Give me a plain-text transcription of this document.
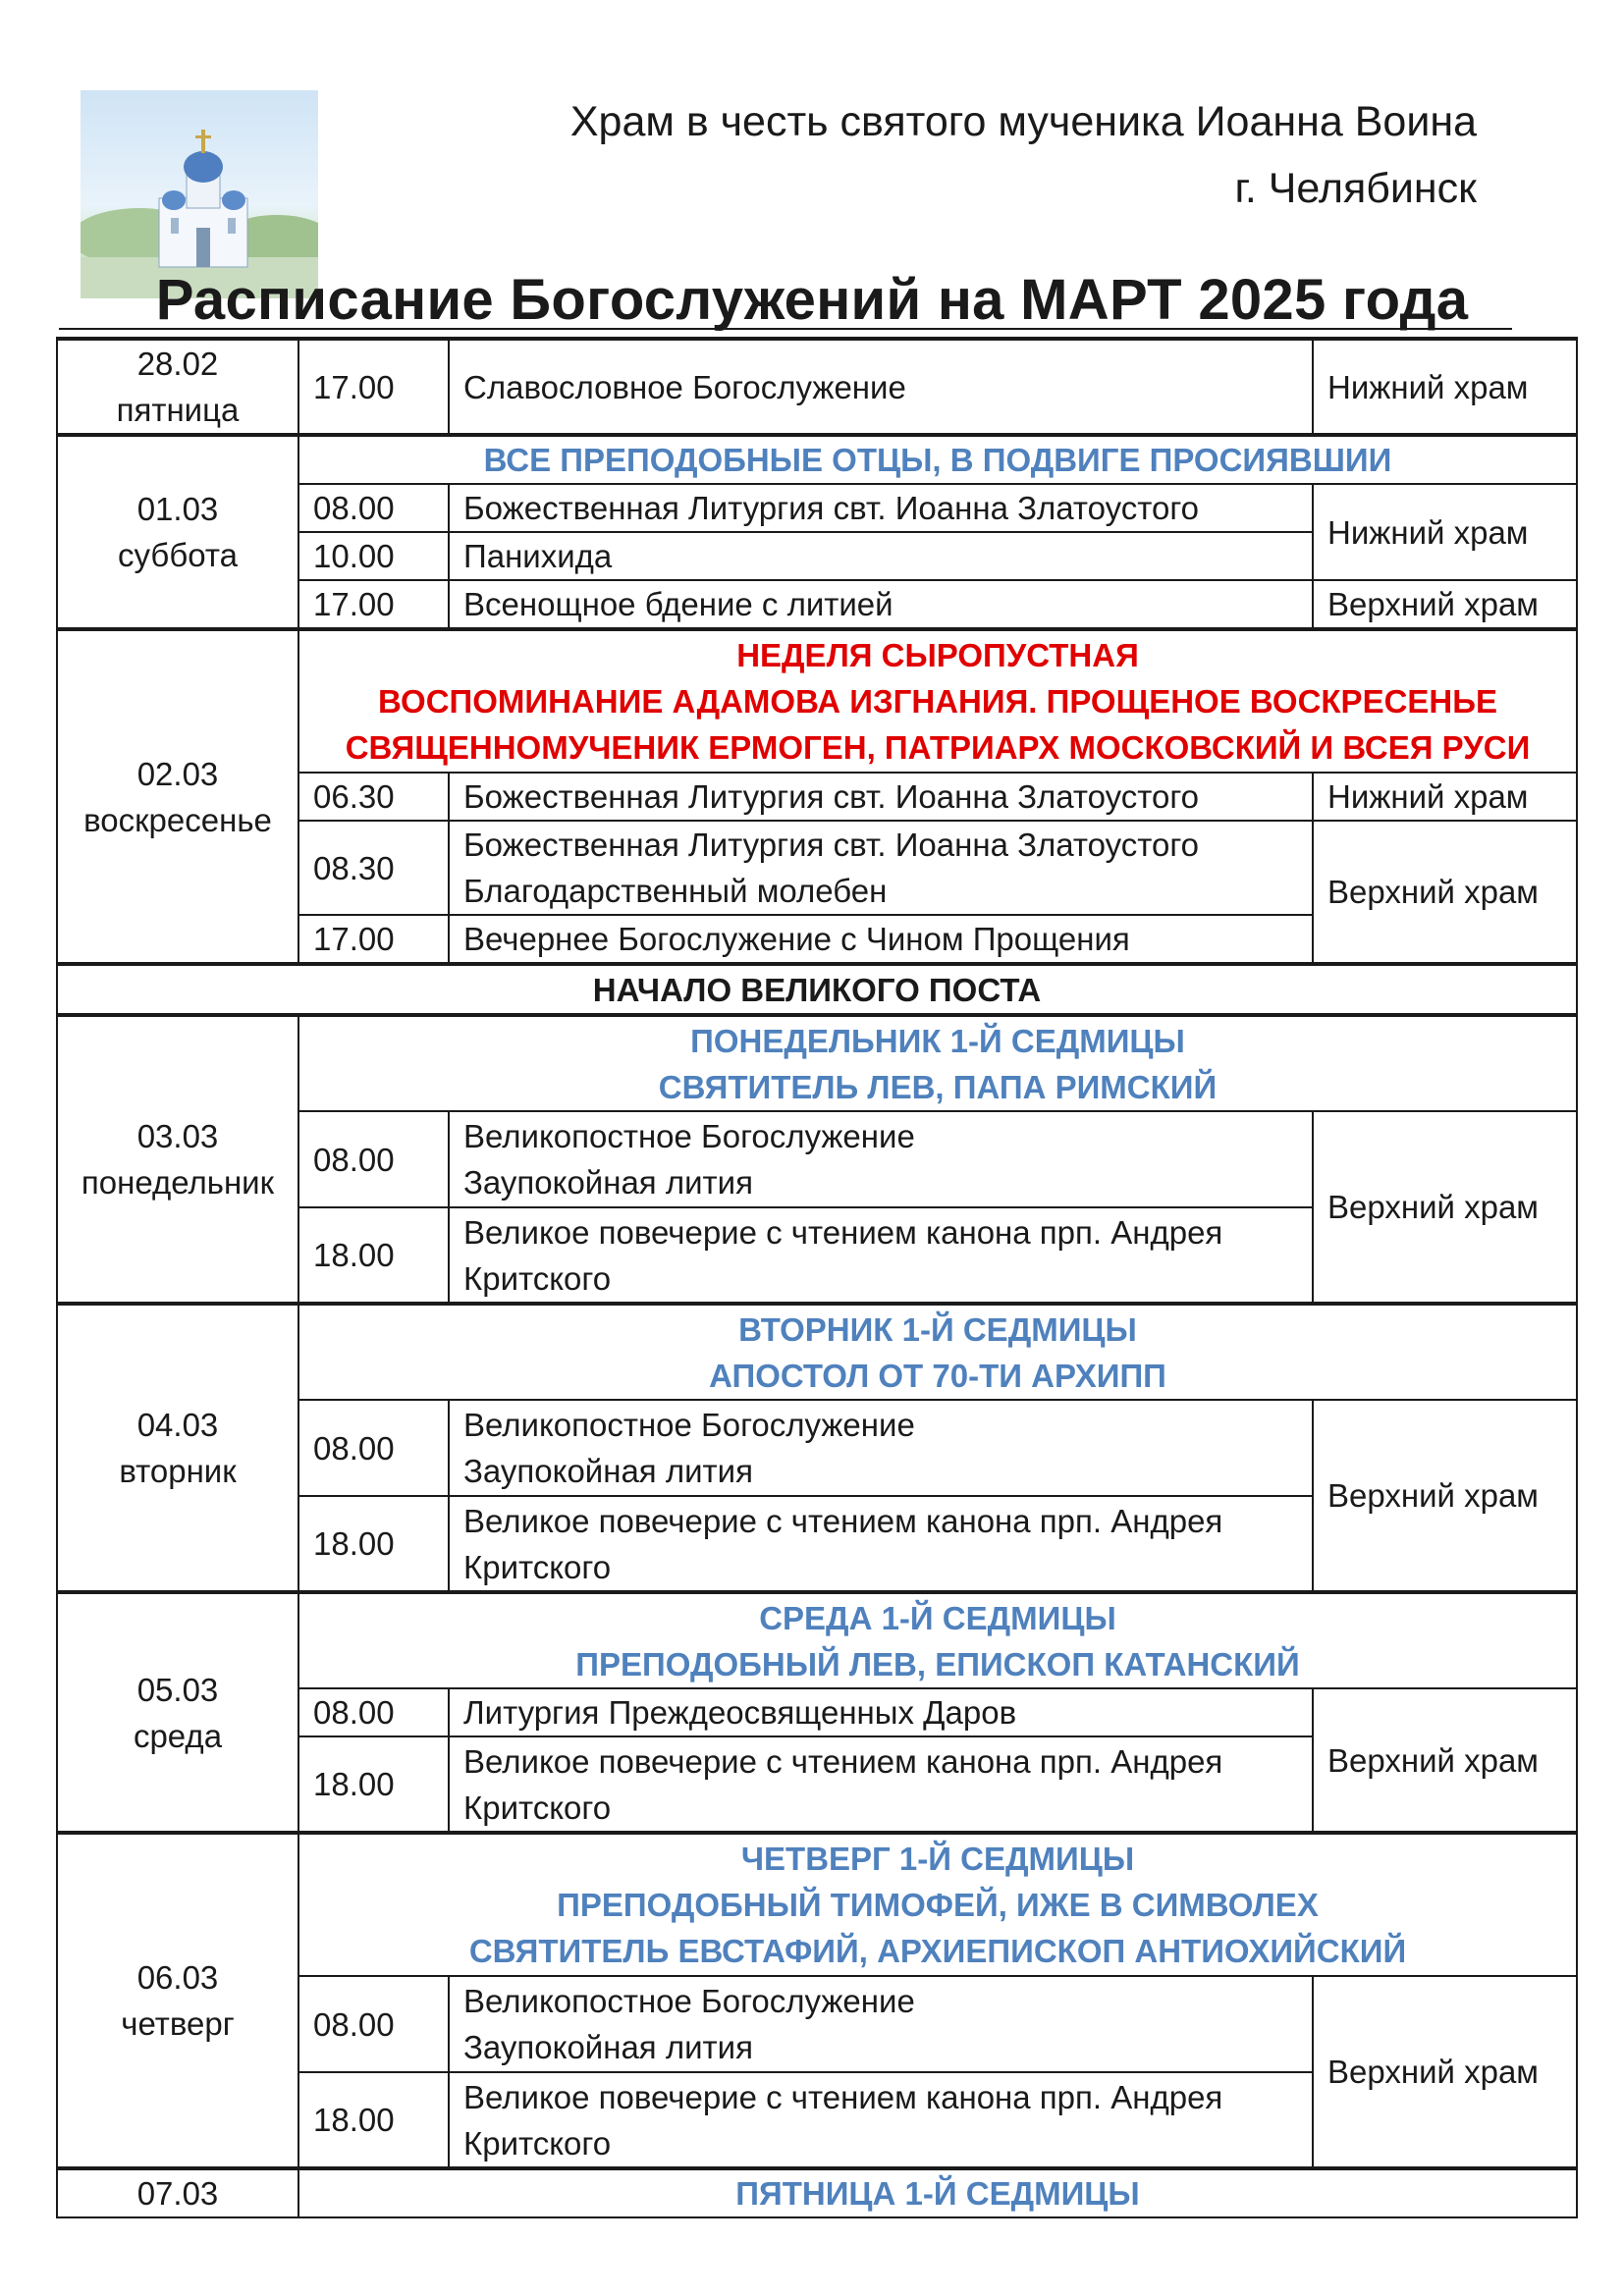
Храм в честь святого мученика Иоанна Воина
г. Челябинск
Расписание Богослужений на МАРТ 2025 года
28.02
пятница	17.00	Славословное Богослужение	Нижний храм

01.03
суббота	ВСЕ ПРЕПОДОБНЫЕ ОТЦЫ, В ПОДВИГЕ ПРОСИЯВШИИ		
	08.00	Божественная Литургия свт. Иоанна Златоустого	Нижний храм
	10.00	Панихида	
	17.00	Всенощное бдение с литией	Верхний храм

02.03
воскресенье	НЕДЕЛЯ СЫРОПУСТНАЯ
ВОСПОМИНАНИЕ АДАМОВА ИЗГНАНИЯ. ПРОЩЕНОЕ ВОСКРЕСЕНЬЕ
СВЯЩЕННОМУЧЕНИК ЕРМОГЕН, ПАТРИАРХ МОСКОВСКИЙ И ВСЕЯ РУСИ		

	06.30	Божественная Литургия свт. Иоанна Златоустого	Нижний храм
	08.30	Божественная Литургия свт. Иоанна Златоустого
Благодарственный молебен	Верхний храм
	17.00	Вечернее Богослужение с Чином Прощения	
НАЧАЛО ВЕЛИКОГО ПОСТА			

03.03
понедельник	ПОНЕДЕЛЬНИК 1-Й СЕДМИЦЫ
СВЯТИТЕЛЬ ЛЕВ, ПАПА РИМСКИЙ		

	08.00	Великопостное Богослужение
Заупокойная лития	Верхний храм
	18.00	Великое повечерие с чтением канона прп. Андрея
Критского	

04.03
вторник	ВТОРНИК 1-Й СЕДМИЦЫ
АПОСТОЛ ОТ 70-ТИ АРХИПП		

	08.00	Великопостное Богослужение
Заупокойная лития	Верхний храм
	18.00	Великое повечерие с чтением канона прп. Андрея
Критского	

05.03
среда	СРЕДА 1-Й СЕДМИЦЫ
ПРЕПОДОБНЫЙ ЛЕВ, ЕПИСКОП КАТАНСКИЙ		

	08.00	Литургия Преждеосвященных Даров	Верхний храм
	18.00	Великое повечерие с чтением канона прп. Андрея
Критского	

06.03
четверг	ЧЕТВЕРГ 1-Й СЕДМИЦЫ
ПРЕПОДОБНЫЙ ТИМОФЕЙ, ИЖЕ В СИМВОЛЕХ
СВЯТИТЕЛЬ ЕВСТАФИЙ, АРХИЕПИСКОП АНТИОХИЙСКИЙ		

	08.00	Великопостное Богослужение
Заупокойная лития	Верхний храм
	18.00	Великое повечерие с чтением канона прп. Андрея
Критского	

07.03	ПЯТНИЦА 1-Й СЕДМИЦЫ		
